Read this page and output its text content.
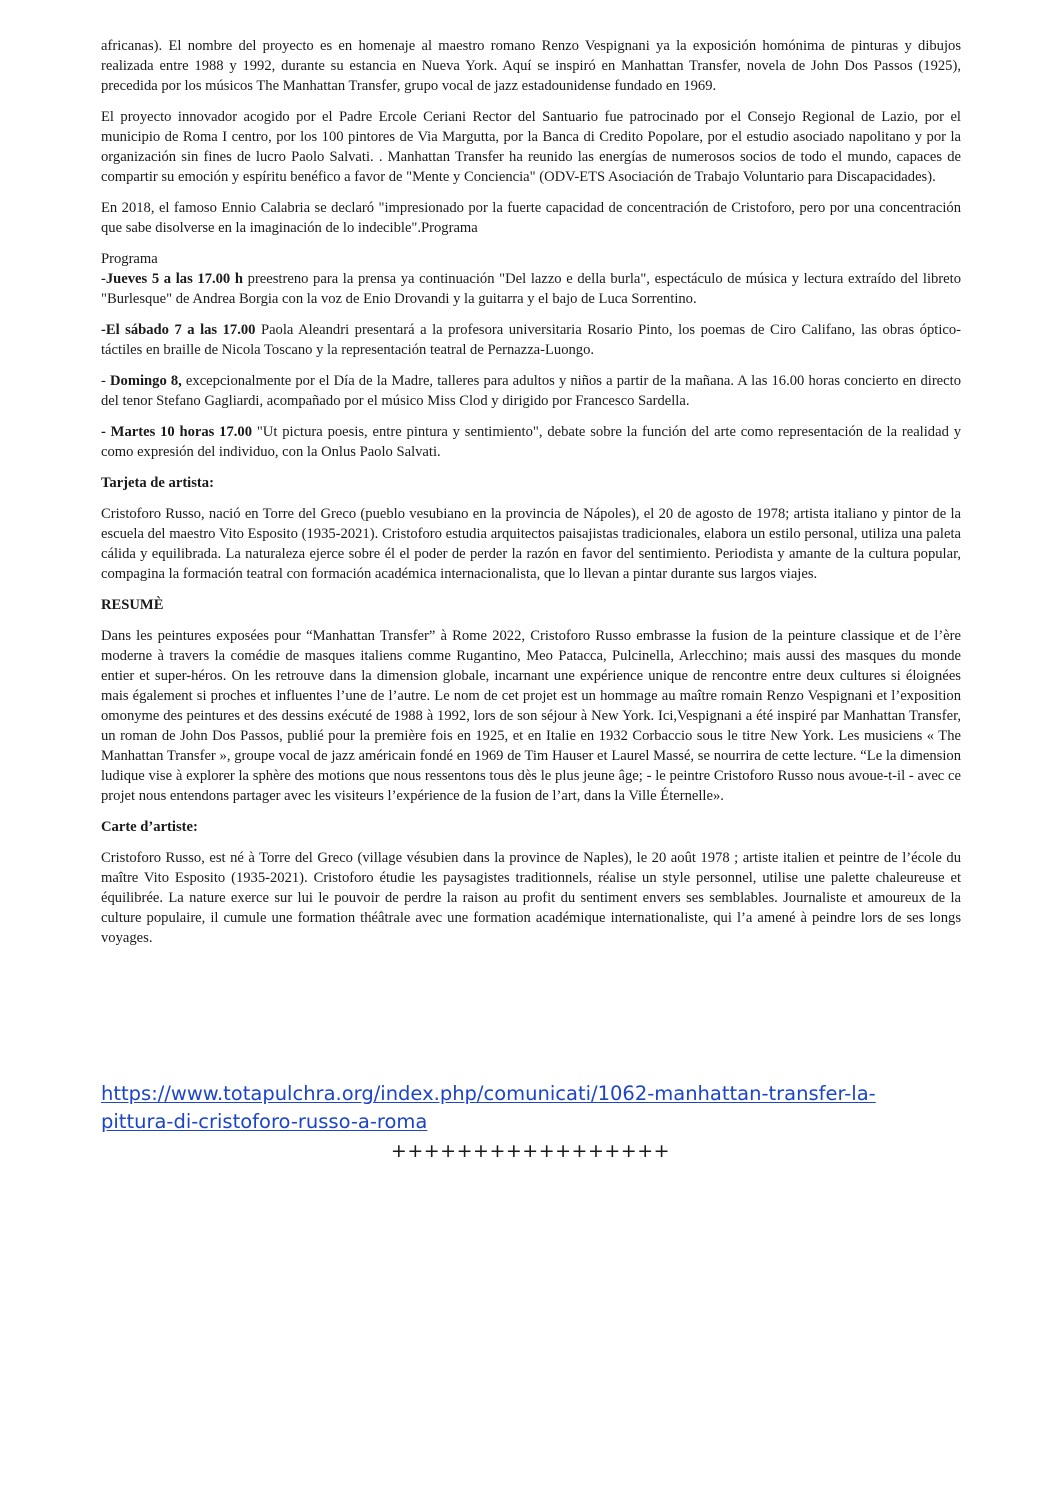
africanas). El nombre del proyecto es en homenaje al maestro romano Renzo Vespignani ya la exposición homónima de pinturas y dibujos realizada entre 1988 y 1992, durante su estancia en Nueva York. Aquí se inspiró en Manhattan Transfer, novela de John Dos Passos (1925), precedida por los músicos The Manhattan Transfer, grupo vocal de jazz estadounidense fundado en 1969.

El proyecto innovador acogido por el Padre Ercole Ceriani Rector del Santuario fue patrocinado por el Consejo Regional de Lazio, por el municipio de Roma I centro, por los 100 pintores de Via Margutta, por la Banca di Credito Popolare, por el estudio asociado napolitano y por la organización sin fines de lucro Paolo Salvati. . Manhattan Transfer ha reunido las energías de numerosos socios de todo el mundo, capaces de compartir su emoción y espíritu benéfico a favor de "Mente y Conciencia" (ODV-ETS Asociación de Trabajo Voluntario para Discapacidades).

En 2018, el famoso Ennio Calabria se declaró "impresionado por la fuerte capacidad de concentración de Cristoforo, pero por una concentración que sabe disolverse en la imaginación de lo indecible".Programa

Programa

-Jueves 5 a las 17.00 h preestreno para la prensa ya continuación "Del lazzo e della burla", espectáculo de música y lectura extraído del libreto "Burlesque" de Andrea Borgia con la voz de Enio Drovandi y la guitarra y el bajo de Luca Sorrentino.

-El sábado 7 a las 17.00 Paola Aleandri presentará a la profesora universitaria Rosario Pinto, los poemas de Ciro Califano, las obras óptico-táctiles en braille de Nicola Toscano y la representación teatral de Pernazza-Luongo.

- Domingo 8, excepcionalmente por el Día de la Madre, talleres para adultos y niños a partir de la mañana. A las 16.00 horas concierto en directo del tenor Stefano Gagliardi, acompañado por el músico Miss Clod y dirigido por Francesco Sardella.

- Martes 10 horas 17.00 "Ut pictura poesis, entre pintura y sentimiento", debate sobre la función del arte como representación de la realidad y como expresión del individuo, con la Onlus Paolo Salvati.

Tarjeta de artista:

Cristoforo Russo, nació en Torre del Greco (pueblo vesubiano en la provincia de Nápoles), el 20 de agosto de 1978; artista italiano y pintor de la escuela del maestro Vito Esposito (1935-2021). Cristoforo estudia arquitectos paisajistas tradicionales, elabora un estilo personal, utiliza una paleta cálida y equilibrada. La naturaleza ejerce sobre él el poder de perder la razón en favor del sentimiento. Periodista y amante de la cultura popular, compagina la formación teatral con formación académica internacionalista, que lo llevan a pintar durante sus largos viajes.

RESUMÈ

Dans les peintures exposées pour “Manhattan Transfer” à Rome 2022, Cristoforo Russo embrasse la fusion de la peinture classique et de l’ère moderne à travers la comédie de masques italiens comme Rugantino, Meo Patacca, Pulcinella, Arlecchino; mais aussi des masques du monde entier et super-héros. On les retrouve dans la dimension globale, incarnant une expérience unique de rencontre entre deux cultures si éloignées mais également si proches et influentes l’une de l’autre. Le nom de cet projet est un hommage au maître romain Renzo Vespignani et l’exposition omonyme des peintures et des dessins exécuté de 1988 à 1992, lors de son séjour à New York. Ici,Vespignani a été inspiré par Manhattan Transfer, un roman de John Dos Passos, publié pour la première fois en 1925, et en Italie en 1932 Corbaccio sous le titre New York. Les musiciens « The Manhattan Transfer », groupe vocal de jazz américain fondé en 1969 de Tim Hauser et Laurel Massé, se nourrira de cette lecture. “Le la dimension ludique vise à explorer la sphère des motions que nous ressentons tous dès le plus jeune âge; - le peintre Cristoforo Russo nous avoue-t-il - avec ce projet nous entendons partager avec les visiteurs l’expérience de la fusion de l’art, dans la Ville Éternelle».

Carte d’artiste:

Cristoforo Russo, est né à Torre del Greco (village vésubien dans la province de Naples), le 20 août 1978 ; artiste italien et peintre de l’école du maître Vito Esposito (1935-2021). Cristoforo étudie les paysagistes traditionnels, réalise un style personnel, utilise une palette chaleureuse et équilibrée. La nature exerce sur lui le pouvoir de perdre la raison au profit du sentiment envers ses semblables. Journaliste et amoureux de la culture populaire, il cumule une formation théâtrale avec une formation académique internationaliste, qui l’a amené à peindre lors de ses longs voyages.

https://www.totapulchra.org/index.php/comunicati/1062-manhattan-transfer-la-
pittura-di-cristoforo-russo-a-roma
+++++++++++++++++
